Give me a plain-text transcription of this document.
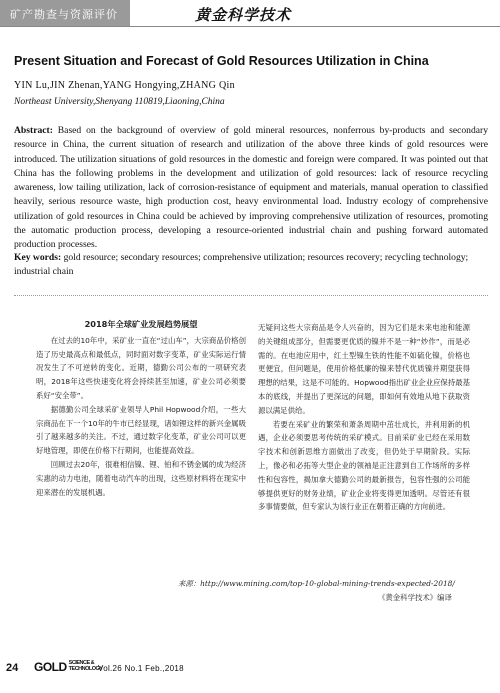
矿产勘查与资源评价	黄金科学技术
Present Situation and Forecast of Gold Resources Utilization in China
YIN Lu,JIN Zhenan,YANG Hongying,ZHANG Qin
Northeast University,Shenyang 110819,Liaoning,China
Abstract: Based on the background of overview of gold mineral resources, nonferrous by-products and secondary resource in China, the current situation of research and utilization of the above three kinds of gold resources were introduced. The utilization situations of gold resources in the domestic and foreign were compared. It was pointed out that China has the following problems in the development and utilization of gold resources: lack of resource recycling awareness, low tailing utilization, lack of corrosion-resistance of equipment and materials, manual operation to classified heavily, serious resource waste, high production cost, heavy environmental load. Industry ecology of comprehensive utilization of gold resources in China could be achieved by improving comprehensive utilization of resources, promoting the automatic production process, developing a resource-oriented industrial chain and pushing forward automated production processes.
Key words: gold resource; secondary resources; comprehensive utilization; resources recovery; recycling technology; industrial chain
2018年全球矿业发展趋势展望

在过去的10年中，采矿业一直在“过山车”，大宗商品价格创造了历史最高点和最低点，同时面对数字变革，矿业实际运行情况发生了不可逆转的变化。近期，德勤公司公布的一项研究表明，2018年这些快速变化将会持续甚至加速，矿业公司必须要系好“安全带”。

据德勤公司全球采矿业领导人Phil Hopwood介绍，一些大宗商品在下一个10年的牛市已经显现，诸如锂这样的新兴金属吸引了越来越多的关注。不过，通过数字化变革，矿业公司可以更好地管理，即使在价格下行期间，也能提高效益。

回顾过去20年，很难相信镍、锂、铂和不锈金属的成为经济实惠的动力电池，随着电动汽车的出现，这些原材料将在现实中迎来潜在的发展机遇。

无疑问这些大宗商品是令人兴奋的，因为它们是未来电池和能源的关键组成部分，但需要更优质的镍并不是一种“炒作”，而是必需的。在电池应用中，红土型镍生铁的性能不如硫化镍，价格也更便宜，但问题是，使用价格低廉的镍来替代优质镍并期望获得理想的结果，这是不可能的。Hopwood指出矿业企业应保持最基本的底线，并提出了更深远的问题，即如何有效地从地下获取资源以满足供给。

若要在采矿业的繁荣和萧条周期中茁壮成长，并利用新的机遇，企业必须要思考传统的采矿模式。目前采矿业已经在采用数字技术和创新思维方面做出了改变，但仍处于早期阶段。实际上，像必和必拓等大型企业的领袖是正注意到自工作场所的多样性和包容性，揭加拿大德勤公司的最新报告，包容性强的公司能够提供更好的财务业绩，矿业企业将变得更加透明。尽管还有很多事情要做，但专家认为该行业正在朝着正确的方向前进。

来源：http://www.mining.com/top-10-global-mining-trends-expected-2018/
《黄金科学技术》编译
24 GOLD SCIENCE & TECHNOLOGY
Vol.26 No.1 Feb.,2018
